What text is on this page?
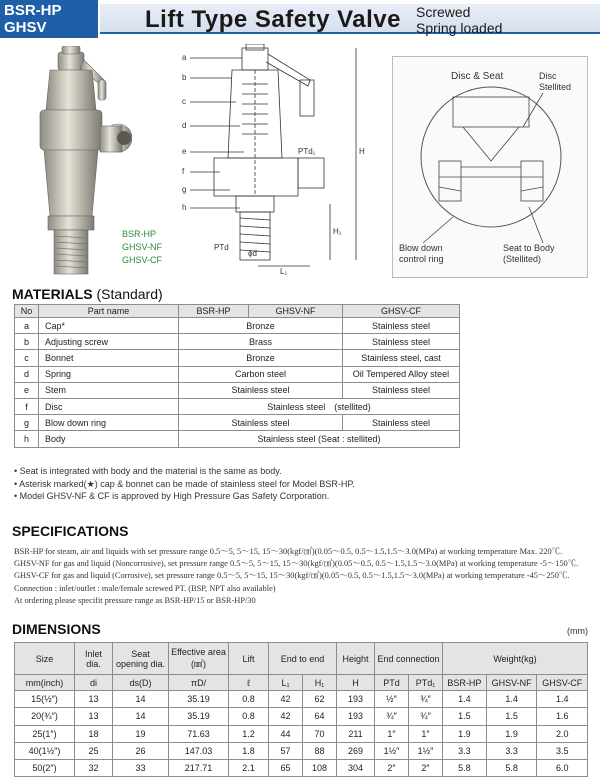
BSR-HP
GHSV	Lift Type Safety Valve Screwed
Spring loaded
BSR-HP
GHSV-NF
GHSV-CF
a
b
c
d
e
f
g
h
H
H₁
L₁
PTd₁
PTd
ϕd
Disc & Seat	Disc Stellited
Blow down control ring
Seat to Body (Stellited)
MATERIALS (Standard)
No	Part name	BSR-HP	GHSV-NF	GHSV-CF
a	Cap*	Bronze		Stainless steel
b	Adjusting screw	Brass		Stainless steel
c	Bonnet	Bronze		Stainless steel, cast
d	Spring	Carbon steel		Oil Tempered Alloy steel
e	Stem	Stainless steel		Stainless steel
f	Disc	Stainless steel　(stellited)		
g	Blow down ring	Stainless steel		Stainless steel
h	Body	Stainless steel (Seat : stellited)		
• Seat is integrated with body and the material is the same as body.
• Asterisk marked(★) cap & bonnet can be made of stainless steel for Model BSR-HP.
• Model GHSV-NF & CF is approved by High Pressure Gas Safety Corporation.
SPECIFICATIONS
BSR-HP for steam, air and liquids with set pressure range 0.5～5, 5～15, 15～30(kgf/㎠)(0.05～0.5, 0.5～1.5,1.5～3.0(MPa) at working temperature Max. 220℃.
GHSV-NF for gas and liquid (Noncorrosive), set pressure range 0.5～5, 5～15, 15～30(kgf/㎠)(0.05～0.5, 0.5～1.5,1.5～3.0(MPa) at working temperature -5～150℃.
GHSV-CF for gas and liquid (Corrosive), set pressure range 0.5～5, 5～15, 15～30(kgf/㎠)(0.05～0.5, 0.5～1.5,1.5～3.0(MPa) at working temperature -45～250℃.
Connection : inlet/outlet : male/female screwed PT. (BSP, NPT also available)
At ordering please specifit pressure range as BSR-HP/15 or BSR-HP/30
DIMENSIONS	(mm)
Size	Inlet dia.	Seat opening dia.	Effective area (㎟)	Lift	End to end		Height	End connection		Weight(kg)		
mm(inch)	di	ds(D)	πD/	ℓ	L₁	H₁	H	PTd	PTd₁	BSR-HP	GHSV-NF	GHSV-CF
15(½″)	13	14	35.19	0.8	42	62	193	½″	¾″	1.4	1.4	1.4
20(¾″)	13	14	35.19	0.8	42	64	193	¾″	¾″	1.5	1.5	1.6
25(1″)	18	19	71.63	1.2	44	70	211	1″	1″	1.9	1.9	2.0
40(1½″)	25	26	147.03	1.8	57	88	269	1½″	1½″	3.3	3.3	3.5
50(2″)	32	33	217.71	2.1	65	108	304	2″	2″	5.8	5.8	6.0
